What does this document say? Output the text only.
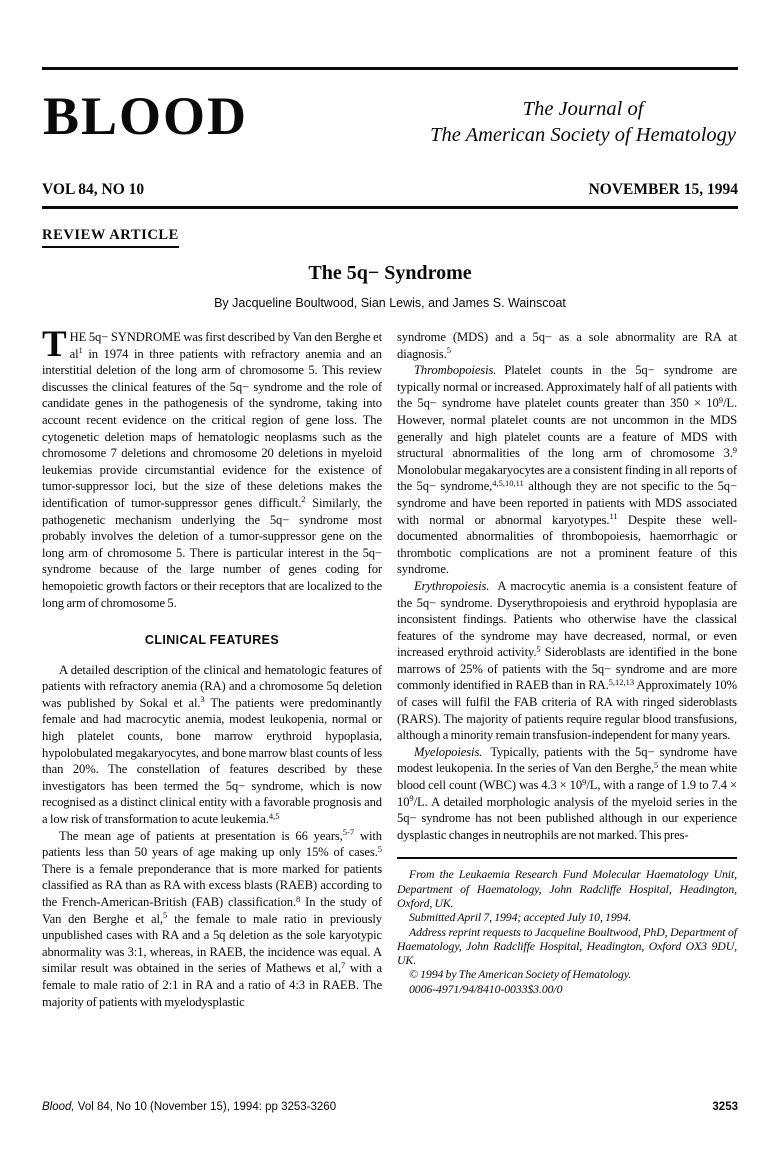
BLOOD	The Journal of
The American Society of Hematology
VOL 84, NO 10	NOVEMBER 15, 1994
REVIEW ARTICLE
The 5q− Syndrome
By Jacqueline Boultwood, Sian Lewis, and James S. Wainscoat

THE 5q− SYNDROME was first described by Van den Berghe et al$^1$ in 1974 in three patients with refractory anemia and an interstitial deletion of the long arm of chromosome 5. This review discusses the clinical features of the 5q− syndrome and the role of candidate genes in the pathogenesis of the syndrome, taking into account recent evidence on the critical region of gene loss. The cytogenetic deletion maps of hematologic neoplasms such as the chromosome 7 deletions and chromosome 20 deletions in myeloid leukemias provide circumstantial evidence for the existence of tumor-suppressor loci, but the size of these deletions makes the identification of tumor-suppressor genes difficult.$^2$ Similarly, the pathogenetic mechanism underlying the 5q− syndrome most probably involves the deletion of a tumor-suppressor gene on the long arm of chromosome 5. There is particular interest in the 5q− syndrome because of the large number of genes coding for hemopoietic growth factors or their receptors that are localized to the long arm of chromosome 5.

CLINICAL FEATURES

A detailed description of the clinical and hematologic features of patients with refractory anemia (RA) and a chromosome 5q deletion was published by Sokal et al.$^3$ The patients were predominantly female and had macrocytic anemia, modest leukopenia, normal or high platelet counts, bone marrow erythroid hypoplasia, hypolobulated megakaryocytes, and bone marrow blast counts of less than 20%. The constellation of features described by these investigators has been termed the 5q− syndrome, which is now recognised as a distinct clinical entity with a favorable prognosis and a low risk of transformation to acute leukemia.$^{4,5}$

The mean age of patients at presentation is 66 years,$^{5-7}$ with patients less than 50 years of age making up only 15% of cases.$^5$ There is a female preponderance that is more marked for patients classified as RA than as RA with excess blasts (RAEB) according to the French-American-British (FAB) classification.$^8$ In the study of Van den Berghe et al,$^5$ the female to male ratio in previously unpublished cases with RA and a 5q deletion as the sole karyotypic abnormality was 3:1, whereas, in RAEB, the incidence was equal. A similar result was obtained in the series of Mathews et al,$^7$ with a female to male ratio of 2:1 in RA and a ratio of 4:3 in RAEB. The majority of patients with myelodysplastic

syndrome (MDS) and a 5q− as a sole abnormality are RA at diagnosis.$^5$

Thrombopoiesis. Platelet counts in the 5q− syndrome are typically normal or increased. Approximately half of all patients with the 5q− syndrome have platelet counts greater than 350 × 10$^9$/L. However, normal platelet counts are not uncommon in the MDS generally and high platelet counts are a feature of MDS with structural abnormalities of the long arm of chromosome 3.$^9$ Monolobular megakaryocytes are a consistent finding in all reports of the 5q− syndrome,$^{4,5,10,11}$ although they are not specific to the 5q− syndrome and have been reported in patients with MDS associated with normal or abnormal karyotypes.$^{11}$ Despite these well-documented abnormalities of thrombopoiesis, haemorrhagic or thrombotic complications are not a prominent feature of this syndrome.

Erythropoiesis. A macrocytic anemia is a consistent feature of the 5q− syndrome. Dyserythropoiesis and erythroid hypoplasia are inconsistent findings. Patients who otherwise have the classical features of the syndrome may have decreased, normal, or even increased erythroid activity.$^5$ Sideroblasts are identified in the bone marrows of 25% of patients with the 5q− syndrome and are more commonly identified in RAEB than in RA.$^{5,12,13}$ Approximately 10% of cases will fulfil the FAB criteria of RA with ringed sideroblasts (RARS). The majority of patients require regular blood transfusions, although a minority remain transfusion-independent for many years.

Myelopoiesis. Typically, patients with the 5q− syndrome have modest leukopenia. In the series of Van den Berghe,$^5$ the mean white blood cell count (WBC) was 4.3 × 10$^9$/L, with a range of 1.9 to 7.4 × 10$^9$/L. A detailed morphologic analysis of the myeloid series in the 5q− syndrome has not been published although in our experience dysplastic changes in neutrophils are not marked. This pres-

From the Leukaemia Research Fund Molecular Haematology Unit, Department of Haematology, John Radcliffe Hospital, Headington, Oxford, UK.

Submitted April 7, 1994; accepted July 10, 1994.

Address reprint requests to Jacqueline Boultwood, PhD, Department of Haematology, John Radcliffe Hospital, Headington, Oxford OX3 9DU, UK.

© 1994 by The American Society of Hematology.

0006-4971/94/8410-0033$3.00/0

Blood, Vol 84, No 10 (November 15), 1994: pp 3253-3260	3253
